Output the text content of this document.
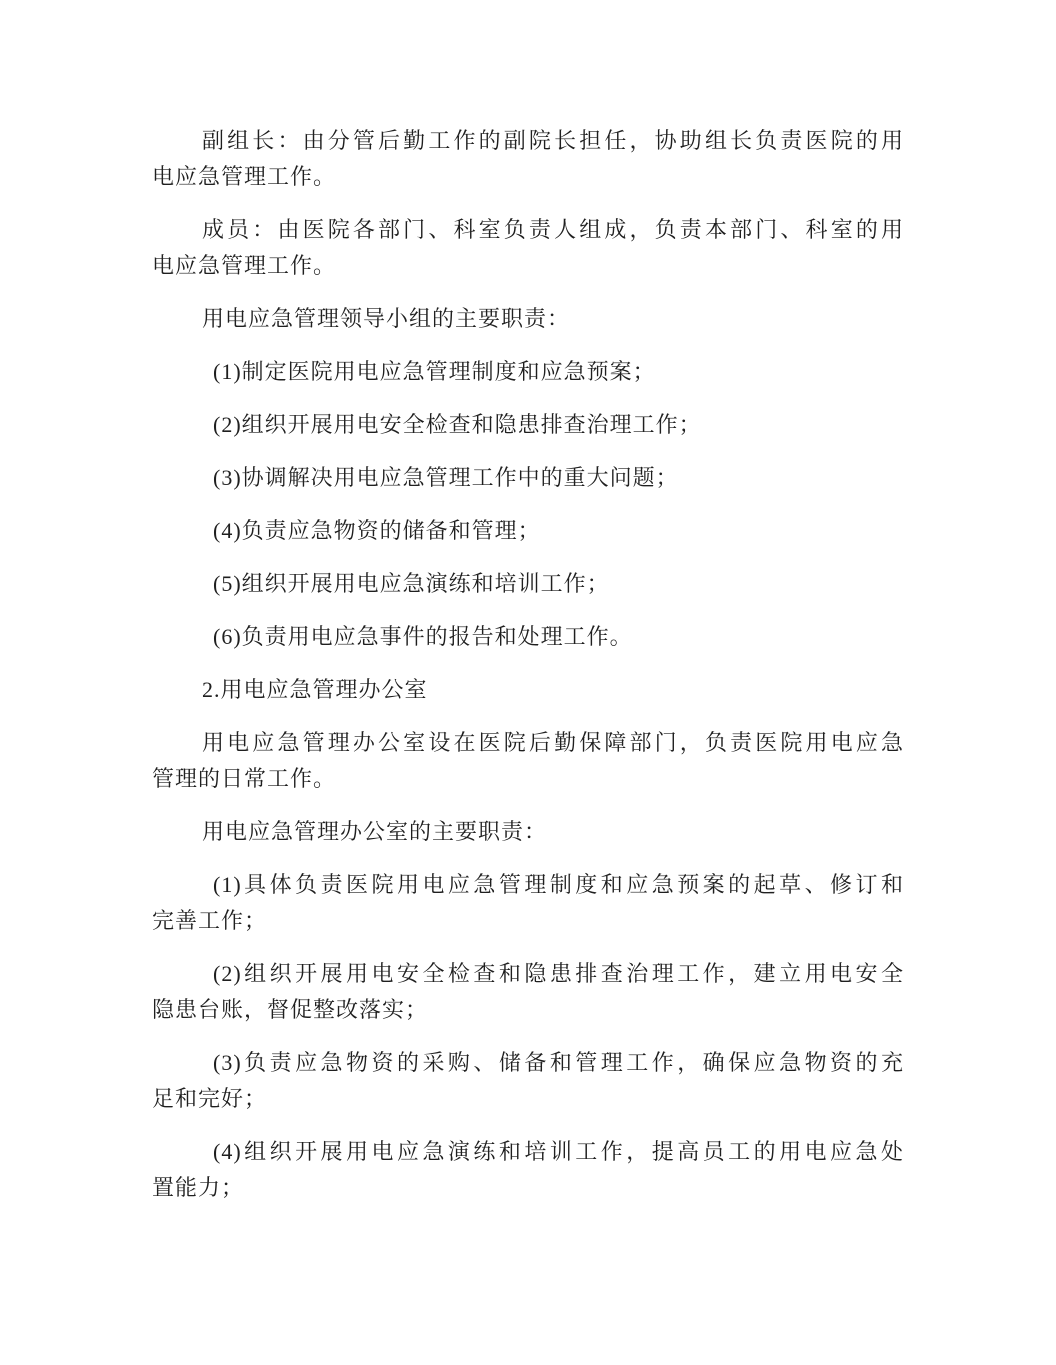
副组长：由分管后勤工作的副院长担任，协助组长负责医院的用
电应急管理工作。
成员：由医院各部门、科室负责人组成，负责本部门、科室的用
电应急管理工作。
用电应急管理领导小组的主要职责：
(1)制定医院用电应急管理制度和应急预案；
(2)组织开展用电安全检查和隐患排查治理工作；
(3)协调解决用电应急管理工作中的重大问题；
(4)负责应急物资的储备和管理；
(5)组织开展用电应急演练和培训工作；
(6)负责用电应急事件的报告和处理工作。
2.用电应急管理办公室
用电应急管理办公室设在医院后勤保障部门，负责医院用电应急
管理的日常工作。
用电应急管理办公室的主要职责：
(1)具体负责医院用电应急管理制度和应急预案的起草、修订和
完善工作；
(2)组织开展用电安全检查和隐患排查治理工作，建立用电安全
隐患台账，督促整改落实；
(3)负责应急物资的采购、储备和管理工作，确保应急物资的充
足和完好；
(4)组织开展用电应急演练和培训工作，提高员工的用电应急处
置能力；
